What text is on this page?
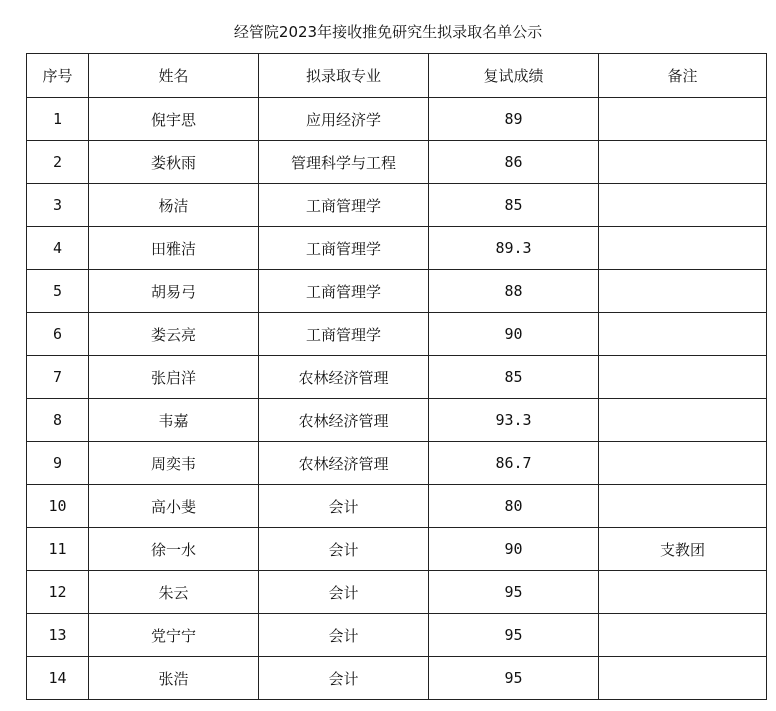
经管院2023年接收推免研究生拟录取名单公示
序号	姓名	拟录取专业	复试成绩	备注
1	倪宇思	应用经济学	89	
2	娄秋雨	管理科学与工程	86	
3	杨洁	工商管理学	85	
4	田雅洁	工商管理学	89.3	
5	胡易弓	工商管理学	88	
6	娄云亮	工商管理学	90	
7	张启洋	农林经济管理	85	
8	韦嘉	农林经济管理	93.3	
9	周奕韦	农林经济管理	86.7	
10	高小斐	会计	80	
11	徐一水	会计	90	支教团
12	朱云	会计	95	
13	党宁宁	会计	95	
14	张浩	会计	95	
